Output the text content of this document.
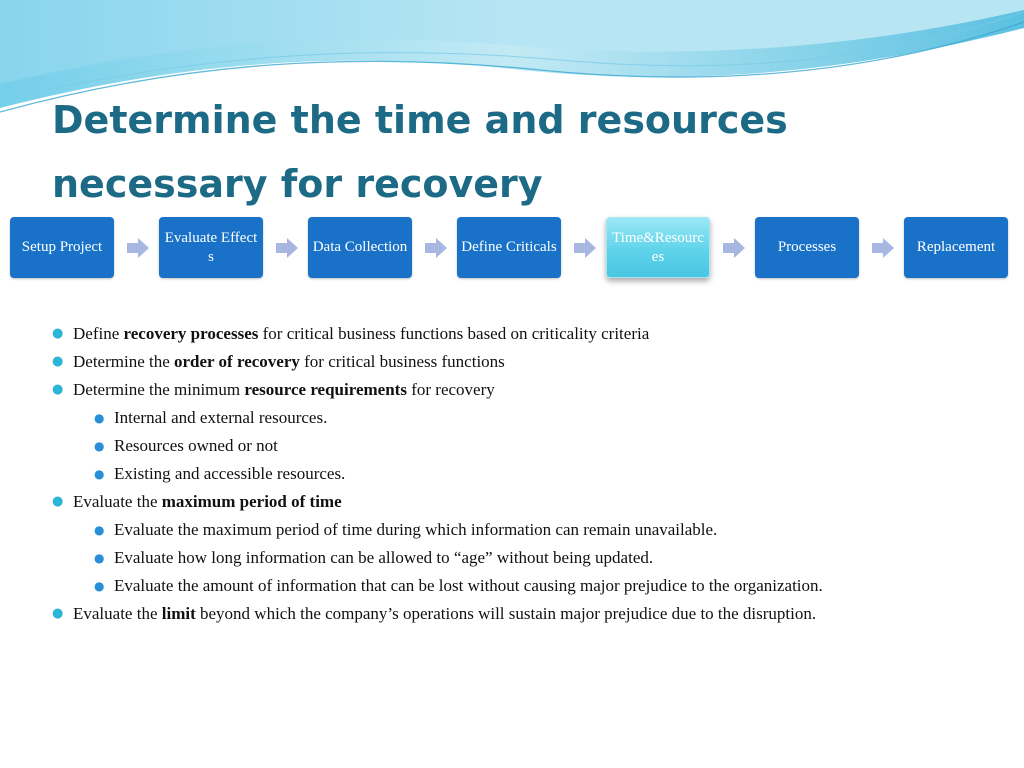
Determine the time and resources necessary for recovery
Setup Project
Evaluate Effects
Data Collection	Define Criticals
Time&Resources
Processes	Replacement
● Define recovery processes for critical business functions based on criticality criteria
● Determine the order of recovery for critical business functions
● Determine the minimum resource requirements for recovery
● Internal and external resources.
● Resources owned or not
● Existing and accessible resources.
● Evaluate the maximum period of time
● Evaluate the maximum period of time during which information can remain unavailable.
● Evaluate how long information can be allowed to “age” without being updated.
● Evaluate the amount of information that can be lost without causing major prejudice to the organization.
● Evaluate the limit beyond which the company’s operations will sustain major prejudice due to the disruption.
